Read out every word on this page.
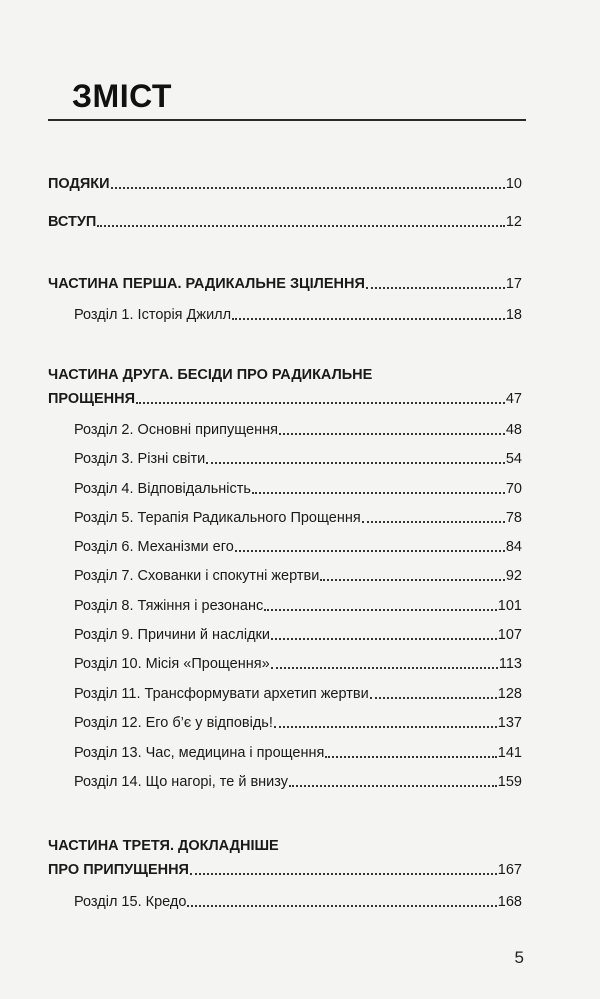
ЗМІСТ
ПОДЯКИ	10
ВСТУП	12
ЧАСТИНА ПЕРША. РАДИКАЛЬНЕ ЗЦІЛЕННЯ	17
Розділ 1. Історія Джилл	18
ЧАСТИНА ДРУГА. БЕСІДИ ПРО РАДИКАЛЬНЕ
ПРОЩЕННЯ	47
Розділ 2. Основні припущення	48
Розділ 3. Різні світи	54
Розділ 4. Відповідальність	70
Розділ 5. Терапія Радикального Прощення	78
Розділ 6. Механізми его	84
Розділ 7. Схованки і спокутні жертви	92
Розділ 8. Тяжіння і резонанс	101
Розділ 9. Причини й наслідки	107
Розділ 10. Місія «Прощення»	113
Розділ 11. Трансформувати архетип жертви	128
Розділ 12. Его б’є у відповідь!	137
Розділ 13. Час, медицина і прощення	141
Розділ 14. Що нагорі, те й внизу	159
ЧАСТИНА ТРЕТЯ. ДОКЛАДНІШЕ
ПРО ПРИПУЩЕННЯ	167
Розділ 15. Кредо	168
5
